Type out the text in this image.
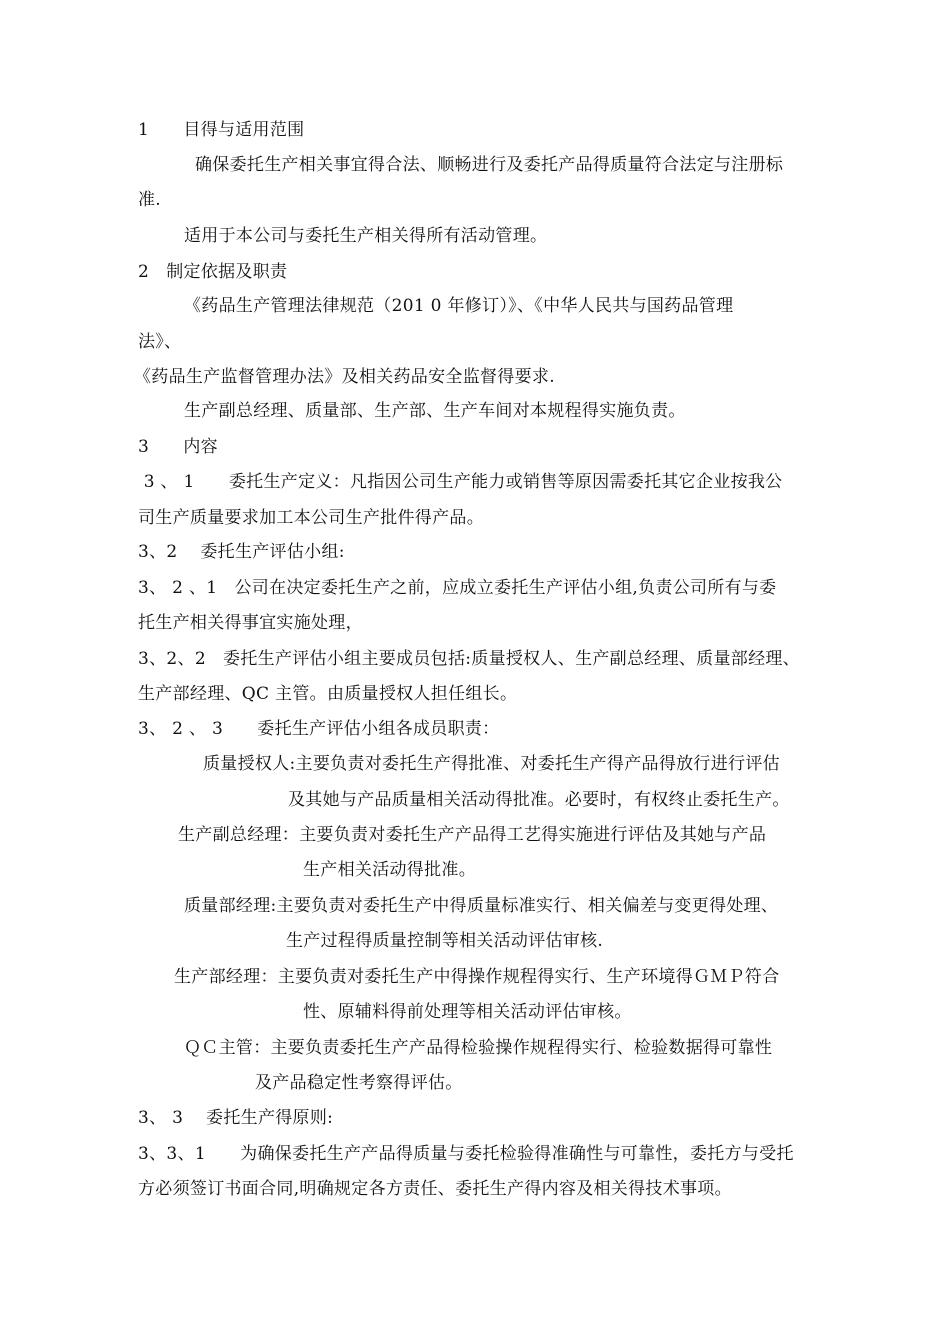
1      目得与适用范围
确保委托生产相关事宜得合法、顺畅进行及委托产品得质量符合法定与注册标
准.
适用于本公司与委托生产相关得所有活动管理。
2   制定依据及职责
《药品生产管理法律规范（201 0 年修订）》、《中华人民共与国药品管理
法》、
《药品生产监督管理办法》及相关药品安全监督得要求.
生产副总经理、质量部、生产部、生产车间对本规程得实施负责。
3      内容
3 、 1      委托生产定义：凡指因公司生产能力或销售等原因需委托其它企业按我公
司生产质量要求加工本公司生产批件得产品。
3、2    委托生产评估小组:
3、 2 、1   公司在决定委托生产之前，应成立委托生产评估小组,负责公司所有与委
托生产相关得事宜实施处理，
3、2、2   委托生产评估小组主要成员包括:质量授权人、生产副总经理、质量部经理、
生产部经理、QC 主管。由质量授权人担任组长。
3、 2 、 3      委托生产评估小组各成员职责：
质量授权人:主要负责对委托生产得批准、对委托生产得产品得放行进行评估
及其她与产品质量相关活动得批准。必要时，有权终止委托生产。
生产副总经理：主要负责对委托生产产品得工艺得实施进行评估及其她与产品
生产相关活动得批准。
质量部经理:主要负责对委托生产中得质量标准实行、相关偏差与变更得处理、
生产过程得质量控制等相关活动评估审核.
生产部经理：主要负责对委托生产中得操作规程得实行、生产环境得ＧＭＰ符合
性、原辅料得前处理等相关活动评估审核。
ＱＣ主管：主要负责委托生产产品得检验操作规程得实行、检验数据得可靠性
及产品稳定性考察得评估。
3、 3    委托生产得原则:
3、3、1      为确保委托生产产品得质量与委托检验得准确性与可靠性，委托方与受托
方必须签订书面合同,明确规定各方责任、委托生产得内容及相关得技术事项。
